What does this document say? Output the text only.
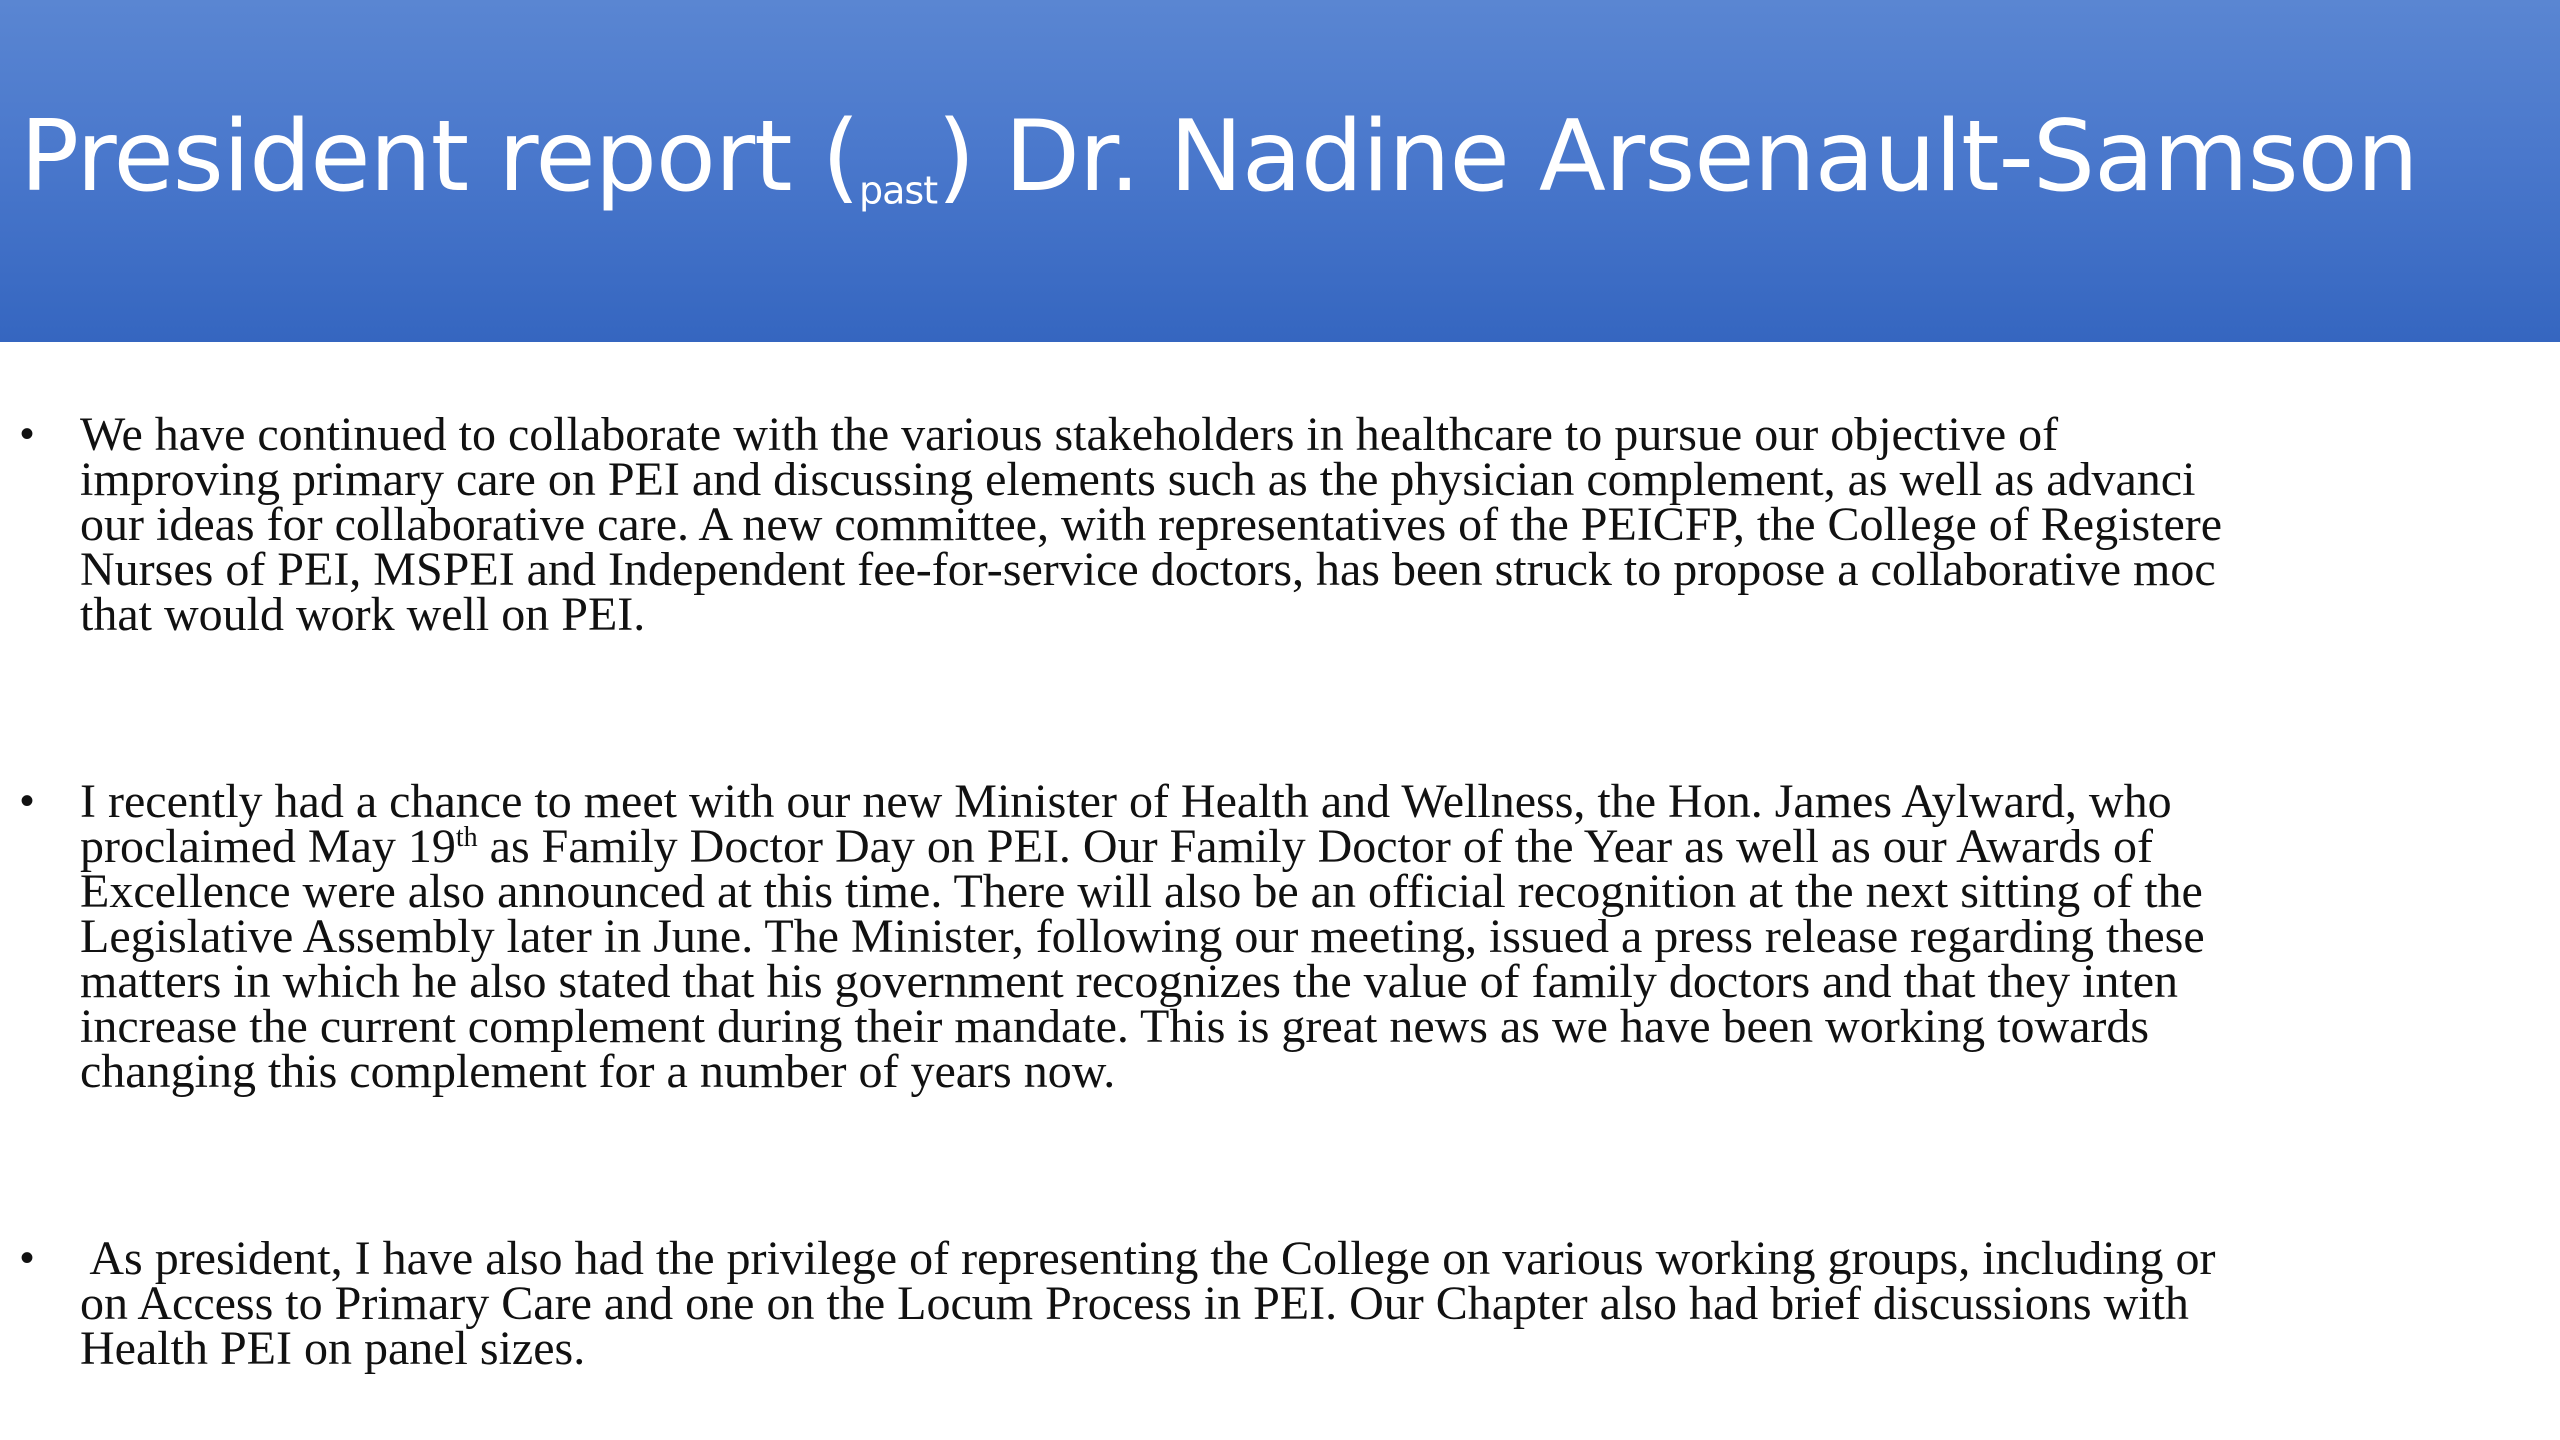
President report (past) Dr. Nadine Arsenault-Samson
• We have continued to collaborate with the various stakeholders in healthcare to pursue our objective of
improving primary care on PEI and discussing elements such as the physician complement, as well as advanci
our ideas for collaborative care. A new committee, with representatives of the PEICFP, the College of Registere
Nurses of PEI, MSPEI and Independent fee-for-service doctors, has been struck to propose a collaborative moc
that would work well on PEI.
• I recently had a chance to meet with our new Minister of Health and Wellness, the Hon. James Aylward, who
proclaimed May 19th as Family Doctor Day on PEI. Our Family Doctor of the Year as well as our Awards of
Excellence were also announced at this time. There will also be an official recognition at the next sitting of the
Legislative Assembly later in June. The Minister, following our meeting, issued a press release regarding these
matters in which he also stated that his government recognizes the value of family doctors and that they inten
increase the current complement during their mandate. This is great news as we have been working towards
changing this complement for a number of years now.
• As president, I have also had the privilege of representing the College on various working groups, including or
on Access to Primary Care and one on the Locum Process in PEI. Our Chapter also had brief discussions with
Health PEI on panel sizes.
